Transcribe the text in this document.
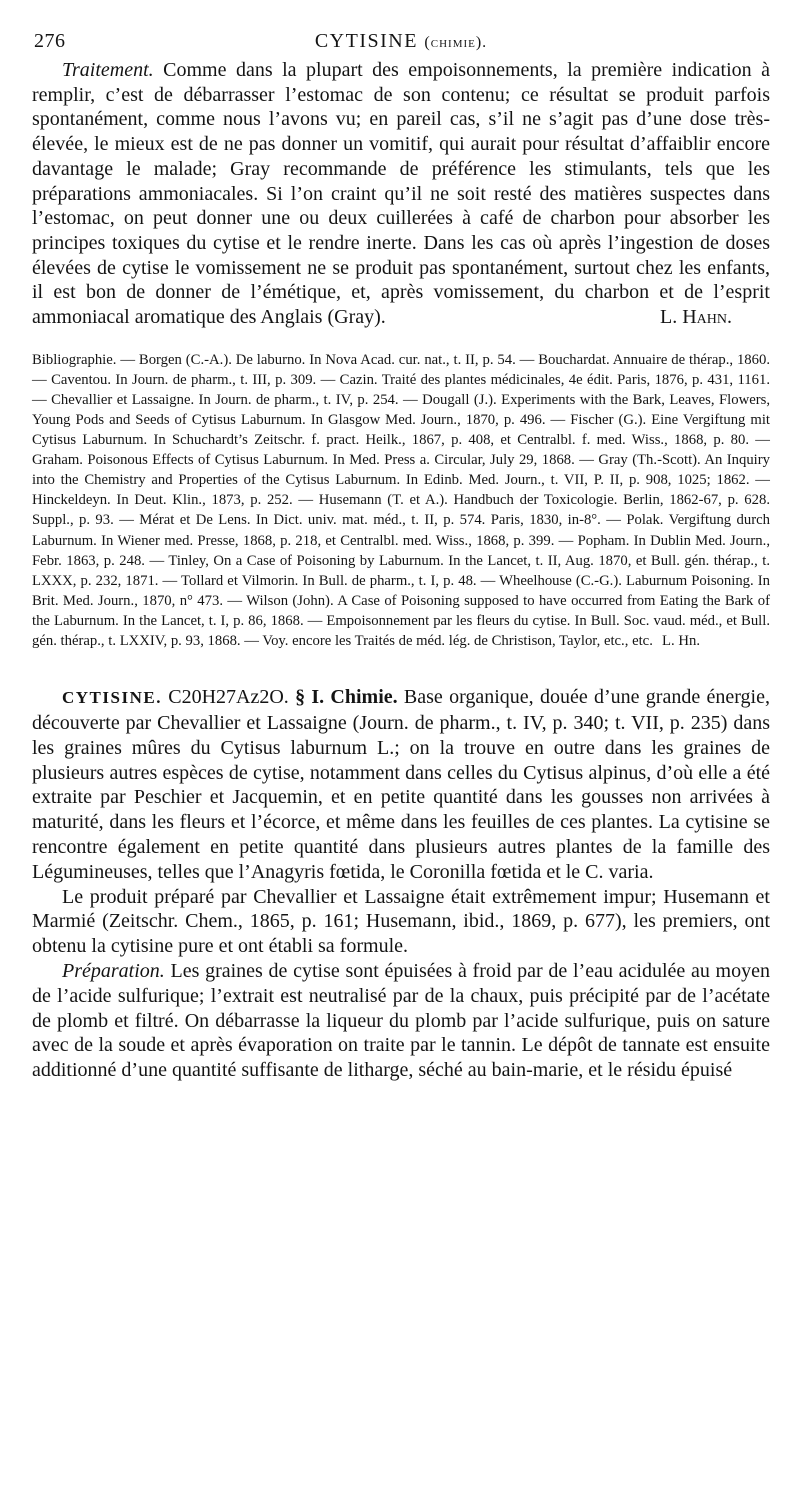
276	CYTISINE (chimie).

Traitement. Comme dans la plupart des empoisonnements, la première indication à remplir, c’est de débarrasser l’estomac de son contenu; ce résultat se produit parfois spontanément, comme nous l’avons vu; en pareil cas, s’il ne s’agit pas d’une dose très-élevée, le mieux est de ne pas donner un vomitif, qui aurait pour résultat d’affaiblir encore davantage le malade; Gray recommande de préférence les stimulants, tels que les préparations ammoniacales. Si l’on craint qu’il ne soit resté des matières suspectes dans l’estomac, on peut donner une ou deux cuillerées à café de charbon pour absorber les principes toxiques du cytise et le rendre inerte. Dans les cas où après l’ingestion de doses élevées de cytise le vomissement ne se produit pas spontanément, surtout chez les enfants, il est bon de donner de l’émétique, et, après vomissement, du charbon et de l’esprit ammoniacal aromatique des Anglais (Gray).	L. Hahn.

Bibliographie. — Borgen (C.-A.). De laburno. In Nova Acad. cur. nat., t. II, p. 54. — Bouchardat. Annuaire de thérap., 1860. — Caventou. In Journ. de pharm., t. III, p. 309. — Cazin. Traité des plantes médicinales, 4e édit. Paris, 1876, p. 431, 1161. — Chevallier et Lassaigne. In Journ. de pharm., t. IV, p. 254. — Dougall (J.). Experiments with the Bark, Leaves, Flowers, Young Pods and Seeds of Cytisus Laburnum. In Glasgow Med. Journ., 1870, p. 496. — Fischer (G.). Eine Vergiftung mit Cytisus Laburnum. In Schuchardt’s Zeitschr. f. pract. Heilk., 1867, p. 408, et Centralbl. f. med. Wiss., 1868, p. 80. — Graham. Poisonous Effects of Cytisus Laburnum. In Med. Press a. Circular, July 29, 1868. — Gray (Th.-Scott). An Inquiry into the Chemistry and Properties of the Cytisus Laburnum. In Edinb. Med. Journ., t. VII, P. II, p. 908, 1025; 1862. — Hinckeldeyn. In Deut. Klin., 1873, p. 252. — Husemann (T. et A.). Handbuch der Toxicologie. Berlin, 1862-67, p. 628. Suppl., p. 93. — Mérat et De Lens. In Dict. univ. mat. méd., t. II, p. 574. Paris, 1830, in-8°. — Polak. Vergiftung durch Laburnum. In Wiener med. Presse, 1868, p. 218, et Centralbl. med. Wiss., 1868, p. 399. — Popham. In Dublin Med. Journ., Febr. 1863, p. 248. — Tinley, On a Case of Poisoning by Laburnum. In the Lancet, t. II, Aug. 1870, et Bull. gén. thérap., t. LXXX, p. 232, 1871. — Tollard et Vilmorin. In Bull. de pharm., t. I, p. 48. — Wheelhouse (C.-G.). Laburnum Poisoning. In Brit. Med. Journ., 1870, n° 473. — Wilson (John). A Case of Poisoning supposed to have occurred from Eating the Bark of the Laburnum. In the Lancet, t. I, p. 86, 1868. — Empoisonnement par les fleurs du cytise. In Bull. Soc. vaud. méd., et Bull. gén. thérap., t. LXXIV, p. 93, 1868. — Voy. encore les Traités de méd. lég. de Christison, Taylor, etc., etc. L. Hn.

CYTISINE. C20H27Az2O. § I. Chimie. Base organique, douée d’une grande énergie, découverte par Chevallier et Lassaigne (Journ. de pharm., t. IV, p. 340; t. VII, p. 235) dans les graines mûres du Cytisus laburnum L.; on la trouve en outre dans les graines de plusieurs autres espèces de cytise, notamment dans celles du Cytisus alpinus, d’où elle a été extraite par Peschier et Jacquemin, et en petite quantité dans les gousses non arrivées à maturité, dans les fleurs et l’écorce, et même dans les feuilles de ces plantes. La cytisine se rencontre également en petite quantité dans plusieurs autres plantes de la famille des Légumineuses, telles que l’Anagyris fœtida, le Coronilla fœtida et le C. varia.

Le produit préparé par Chevallier et Lassaigne était extrêmement impur; Husemann et Marmié (Zeitschr. Chem., 1865, p. 161; Husemann, ibid., 1869, p. 677), les premiers, ont obtenu la cytisine pure et ont établi sa formule.

Préparation. Les graines de cytise sont épuisées à froid par de l’eau acidulée au moyen de l’acide sulfurique; l’extrait est neutralisé par de la chaux, puis précipité par de l’acétate de plomb et filtré. On débarrasse la liqueur du plomb par l’acide sulfurique, puis on sature avec de la soude et après évaporation on traite par le tannin. Le dépôt de tannate est ensuite additionné d’une quantité suffisante de litharge, séché au bain-marie, et le résidu épuisé
